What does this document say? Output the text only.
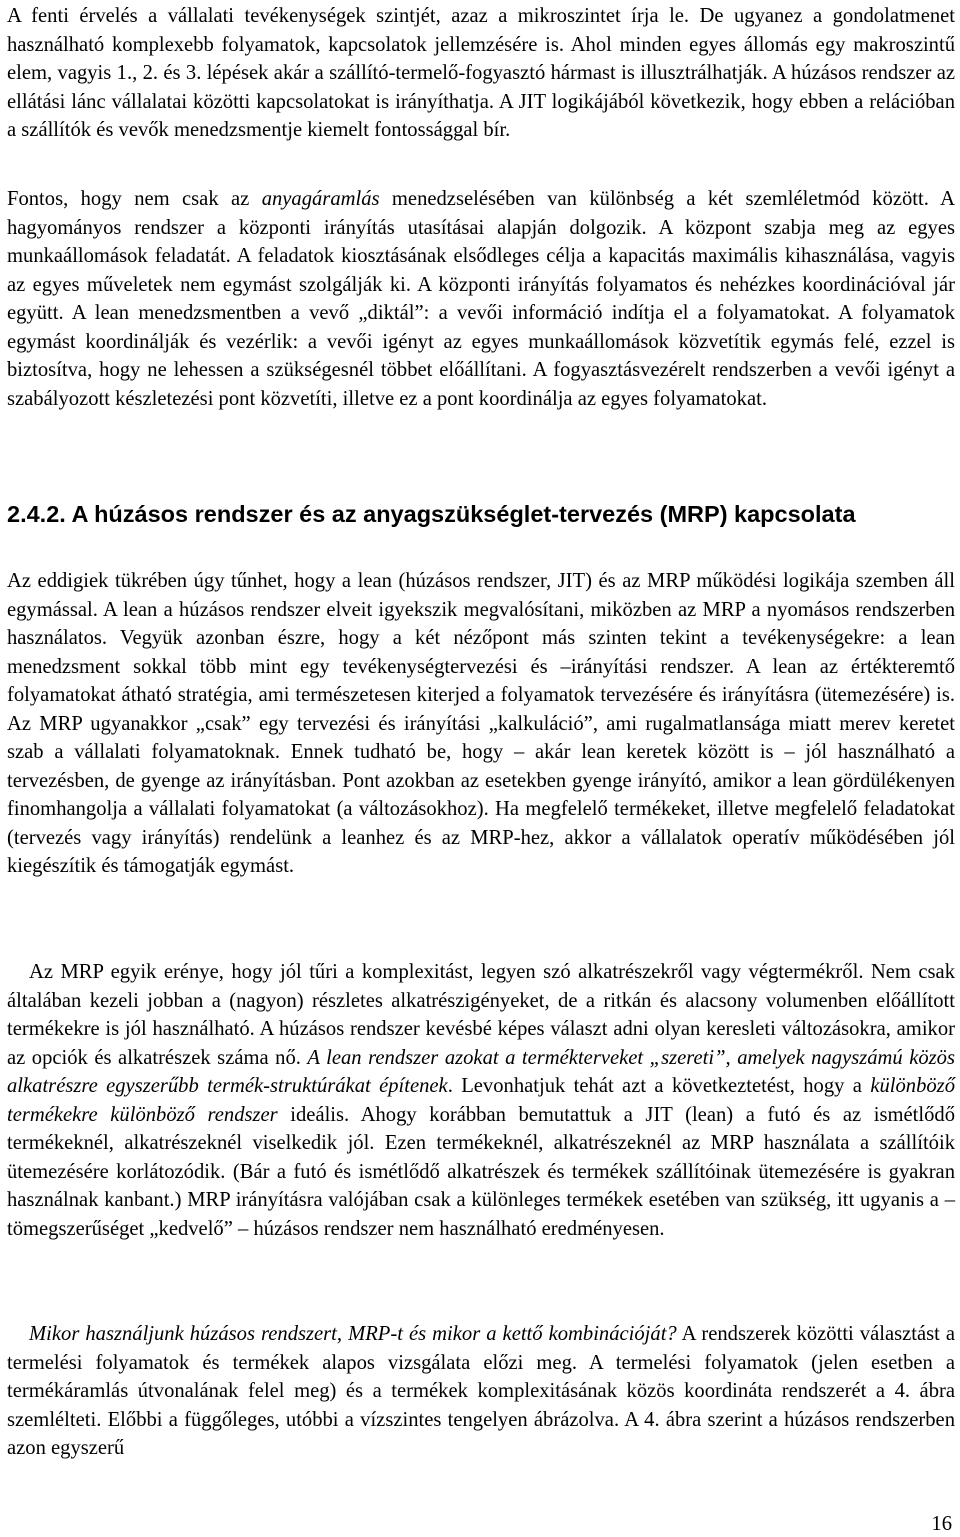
A fenti érvelés a vállalati tevékenységek szintjét, azaz a mikroszintet írja le. De ugyanez a gondolatmenet használható komplexebb folyamatok, kapcsolatok jellemzésére is. Ahol minden egyes állomás egy makroszintű elem, vagyis 1., 2. és 3. lépések akár a szállító-termelő-fogyasztó hármast is illusztrálhatják. A húzásos rendszer az ellátási lánc vállalatai közötti kapcsolatokat is irányíthatja. A JIT logikájából következik, hogy ebben a relációban a szállítók és vevők menedzsmentje kiemelt fontossággal bír.

Fontos, hogy nem csak az anyagáramlás menedzselésében van különbség a két szemléletmód között. A hagyományos rendszer a központi irányítás utasításai alapján dolgozik. A központ szabja meg az egyes munkaállomások feladatát. A feladatok kiosztásának elsődleges célja a kapacitás maximális kihasználása, vagyis az egyes műveletek nem egymást szolgálják ki. A központi irányítás folyamatos és nehézkes koordinációval jár együtt. A lean menedzsmentben a vevő „diktál”: a vevői információ indítja el a folyamatokat. A folyamatok egymást koordinálják és vezérlik: a vevői igényt az egyes munkaállomások közvetítik egymás felé, ezzel is biztosítva, hogy ne lehessen a szükségesnél többet előállítani. A fogyasztásvezérelt rendszerben a vevői igényt a szabályozott készletezési pont közvetíti, illetve ez a pont koordinálja az egyes folyamatokat.

2.4.2. A húzásos rendszer és az anyagszükséglet-tervezés (MRP) kapcsolata

Az eddigiek tükrében úgy tűnhet, hogy a lean (húzásos rendszer, JIT) és az MRP működési logikája szemben áll egymással. A lean a húzásos rendszer elveit igyekszik megvalósítani, miközben az MRP a nyomásos rendszerben használatos. Vegyük azonban észre, hogy a két nézőpont más szinten tekint a tevékenységekre: a lean menedzsment sokkal több mint egy tevékenységtervezési és –irányítási rendszer. A lean az értékteremtő folyamatokat átható stratégia, ami természetesen kiterjed a folyamatok tervezésére és irányításra (ütemezésére) is. Az MRP ugyanakkor „csak” egy tervezési és irányítási „kalkuláció”, ami rugalmatlansága miatt merev keretet szab a vállalati folyamatoknak. Ennek tudható be, hogy – akár lean keretek között is – jól használható a tervezésben, de gyenge az irányításban. Pont azokban az esetekben gyenge irányító, amikor a lean gördülékenyen finomhangolja a vállalati folyamatokat (a változásokhoz). Ha megfelelő termékeket, illetve megfelelő feladatokat (tervezés vagy irányítás) rendelünk a leanhez és az MRP-hez, akkor a vállalatok operatív működésében jól kiegészítik és támogatják egymást.

Az MRP egyik erénye, hogy jól tűri a komplexitást, legyen szó alkatrészekről vagy végtermékről. Nem csak általában kezeli jobban a (nagyon) részletes alkatrészigényeket, de a ritkán és alacsony volumenben előállított termékekre is jól használható. A húzásos rendszer kevésbé képes választ adni olyan keresleti változásokra, amikor az opciók és alkatrészek száma nő. A lean rendszer azokat a termékterveket „szereti”, amelyek nagyszámú közös alkatrészre egyszerűbb termék-struktúrákat építenek. Levonhatjuk tehát azt a következtetést, hogy a különböző termékekre különböző rendszer ideális. Ahogy korábban bemutattuk a JIT (lean) a futó és az ismétlődő termékeknél, alkatrészeknél viselkedik jól. Ezen termékeknél, alkatrészeknél az MRP használata a szállítóik ütemezésére korlátozódik. (Bár a futó és ismétlődő alkatrészek és termékek szállítóinak ütemezésére is gyakran használnak kanbant.) MRP irányításra valójában csak a különleges termékek esetében van szükség, itt ugyanis a – tömegszerűséget „kedvelő” – húzásos rendszer nem használható eredményesen.

Mikor használjunk húzásos rendszert, MRP-t és mikor a kettő kombinációját? A rendszerek közötti választást a termelési folyamatok és termékek alapos vizsgálata előzi meg. A termelési folyamatok (jelen esetben a termékáramlás útvonalának felel meg) és a termékek komplexitásának közös koordináta rendszerét a 4. ábra szemlélteti. Előbbi a függőleges, utóbbi a vízszintes tengelyen ábrázolva. A 4. ábra szerint a húzásos rendszerben azon egyszerű

16
